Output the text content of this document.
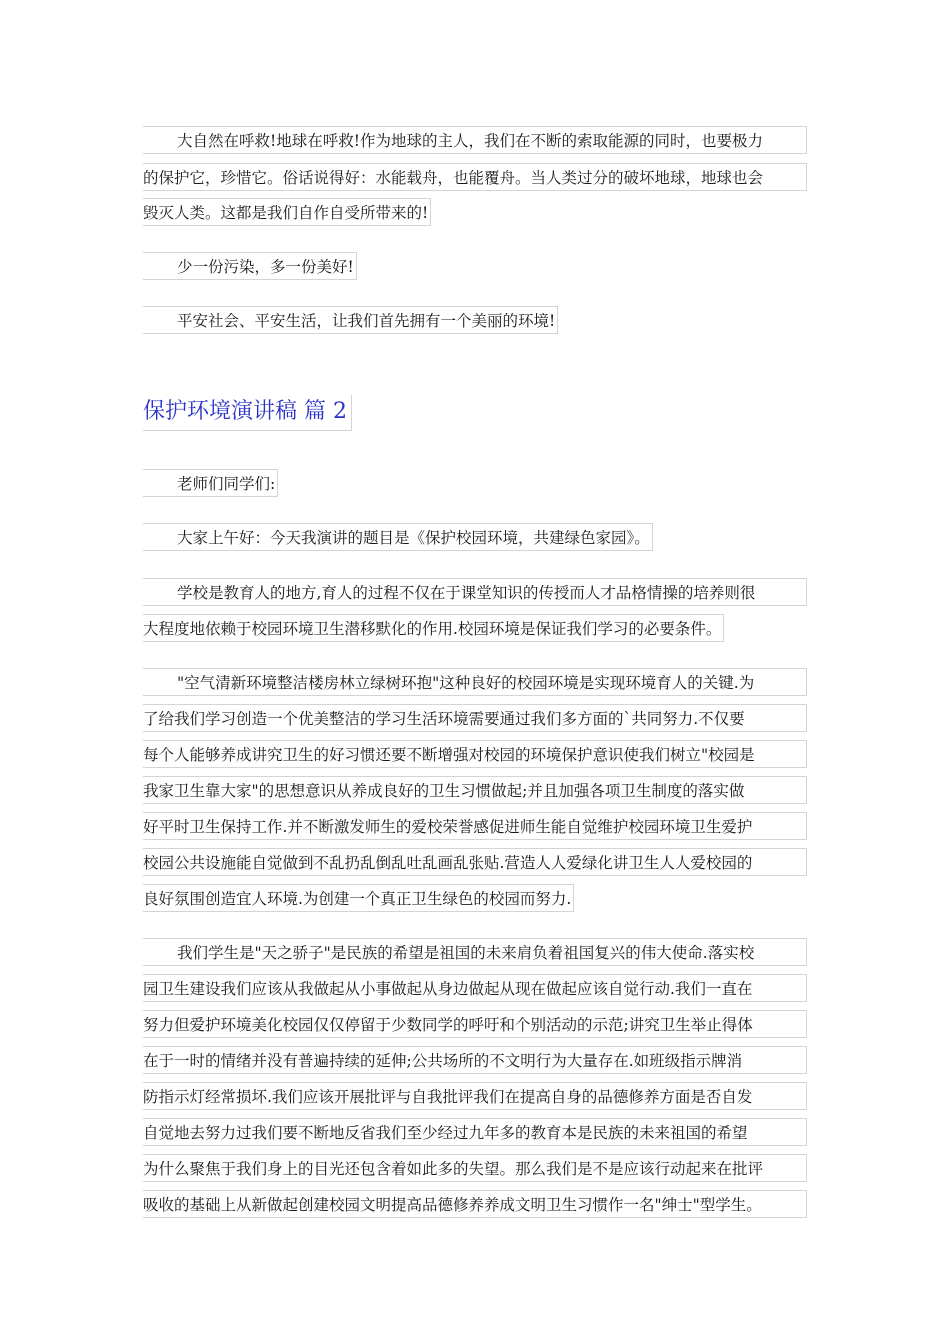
大自然在呼救!地球在呼救!作为地球的主人，我们在不断的索取能源的同时，也要极力
的保护它，珍惜它。俗话说得好：水能载舟，也能覆舟。当人类过分的破坏地球，地球也会
毁灭人类。这都是我们自作自受所带来的!
少一份污染，多一份美好!
平安社会、平安生活，让我们首先拥有一个美丽的环境!
保护环境演讲稿 篇 2
老师们同学们:
大家上午好：今天我演讲的题目是《保护校园环境，共建绿色家园》。
学校是教育人的地方,育人的过程不仅在于课堂知识的传授而人才品格情操的培养则很
大程度地依赖于校园环境卫生潜移默化的作用.校园环境是保证我们学习的必要条件。
"空气清新环境整洁楼房林立绿树环抱"这种良好的校园环境是实现环境育人的关键.为
了给我们学习创造一个优美整洁的学习生活环境需要通过我们多方面的`共同努力.不仅要
每个人能够养成讲究卫生的好习惯还要不断增强对校园的环境保护意识使我们树立"校园是
我家卫生靠大家"的思想意识从养成良好的卫生习惯做起;并且加强各项卫生制度的落实做
好平时卫生保持工作.并不断激发师生的爱校荣誉感促进师生能自觉维护校园环境卫生爱护
校园公共设施能自觉做到不乱扔乱倒乱吐乱画乱张贴.营造人人爱绿化讲卫生人人爱校园的
良好氛围创造宜人环境.为创建一个真正卫生绿色的校园而努力.
我们学生是"天之骄子"是民族的希望是祖国的未来肩负着祖国复兴的伟大使命.落实校
园卫生建设我们应该从我做起从小事做起从身边做起从现在做起应该自觉行动.我们一直在
努力但爱护环境美化校园仅仅停留于少数同学的呼吁和个别活动的示范;讲究卫生举止得体
在于一时的情绪并没有普遍持续的延伸;公共场所的不文明行为大量存在.如班级指示牌消
防指示灯经常损坏.我们应该开展批评与自我批评我们在提高自身的品德修养方面是否自发
自觉地去努力过我们要不断地反省我们至少经过九年多的教育本是民族的未来祖国的希望
为什么聚焦于我们身上的目光还包含着如此多的失望。那么我们是不是应该行动起来在批评
吸收的基础上从新做起创建校园文明提高品德修养养成文明卫生习惯作一名"绅士"型学生。
